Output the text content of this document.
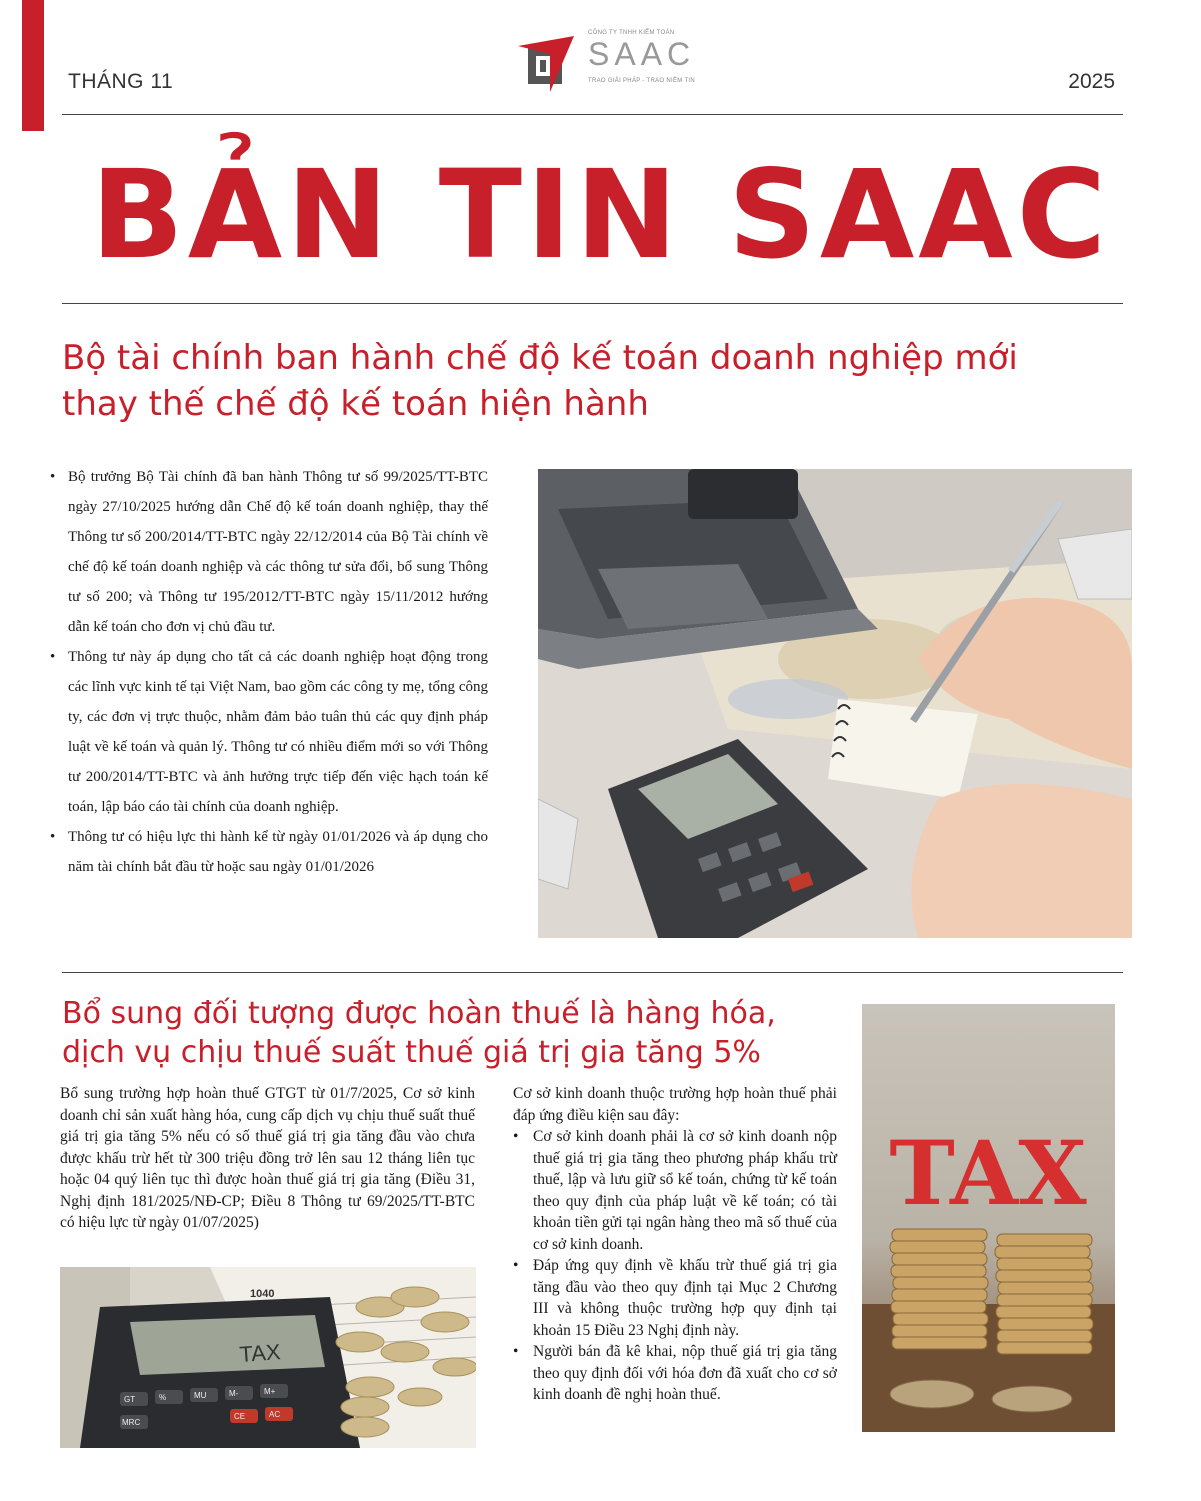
THÁNG 11	2025
CÔNG TY TNHH KIỂM TOÁN
SAAC
TRAO GIẢI PHÁP - TRAO NIỀM TIN
BẢN TIN SAAC
Bộ tài chính ban hành chế độ kế toán doanh nghiệp mới
thay thế chế độ kế toán hiện hành
• Bộ trưởng Bộ Tài chính đã ban hành Thông tư số 99/2025/TT-BTC ngày 27/10/2025 hướng dẫn Chế độ kế toán doanh nghiệp, thay thế Thông tư số 200/2014/TT-BTC ngày 22/12/2014 của Bộ Tài chính về chế độ kế toán doanh nghiệp và các thông tư sửa đổi, bổ sung Thông tư số 200; và Thông tư 195/2012/TT-BTC ngày 15/11/2012 hướng dẫn kế toán cho đơn vị chủ đầu tư.
• Thông tư này áp dụng cho tất cả các doanh nghiệp hoạt động trong các lĩnh vực kinh tế tại Việt Nam, bao gồm các công ty mẹ, tổng công ty, các đơn vị trực thuộc, nhằm đảm bảo tuân thủ các quy định pháp luật về kế toán và quản lý. Thông tư có nhiều điểm mới so với Thông tư 200/2014/TT-BTC và ảnh hưởng trực tiếp đến việc hạch toán kế toán, lập báo cáo tài chính của doanh nghiệp.
• Thông tư có hiệu lực thi hành kể từ ngày 01/01/2026 và áp dụng cho năm tài chính bắt đầu từ hoặc sau ngày 01/01/2026
Bổ sung đối tượng được hoàn thuế là hàng hóa,
dịch vụ chịu thuế suất thuế giá trị gia tăng 5%
Bổ sung trường hợp hoàn thuế GTGT từ 01/7/2025, Cơ sở kinh doanh chỉ sản xuất hàng hóa, cung cấp dịch vụ chịu thuế suất thuế giá trị gia tăng 5% nếu có số thuế giá trị gia tăng đầu vào chưa được khấu trừ hết từ 300 triệu đồng trở lên sau 12 tháng liên tục hoặc 04 quý liên tục thì được hoàn thuế giá trị gia tăng (Điều 31, Nghị định 181/2025/NĐ-CP; Điều 8 Thông tư 69/2025/TT-BTC có hiệu lực từ ngày 01/07/2025)
1040
TAX
GT	%	MU	M-	M+
MRC
CE	AC
Cơ sở kinh doanh thuộc trường hợp hoàn thuế phải đáp ứng điều kiện sau đây:
• Cơ sở kinh doanh phải là cơ sở kinh doanh nộp thuế giá trị gia tăng theo phương pháp khấu trừ thuế, lập và lưu giữ sổ kế toán, chứng từ kế toán theo quy định của pháp luật về kế toán; có tài khoản tiền gửi tại ngân hàng theo mã số thuế của cơ sở kinh doanh.
• Đáp ứng quy định về khấu trừ thuế giá trị gia tăng đầu vào theo quy định tại Mục 2 Chương III và không thuộc trường hợp quy định tại khoản 15 Điều 23 Nghị định này.
• Người bán đã kê khai, nộp thuế giá trị gia tăng theo quy định đối với hóa đơn đã xuất cho cơ sở kinh doanh đề nghị hoàn thuế.
TAX
